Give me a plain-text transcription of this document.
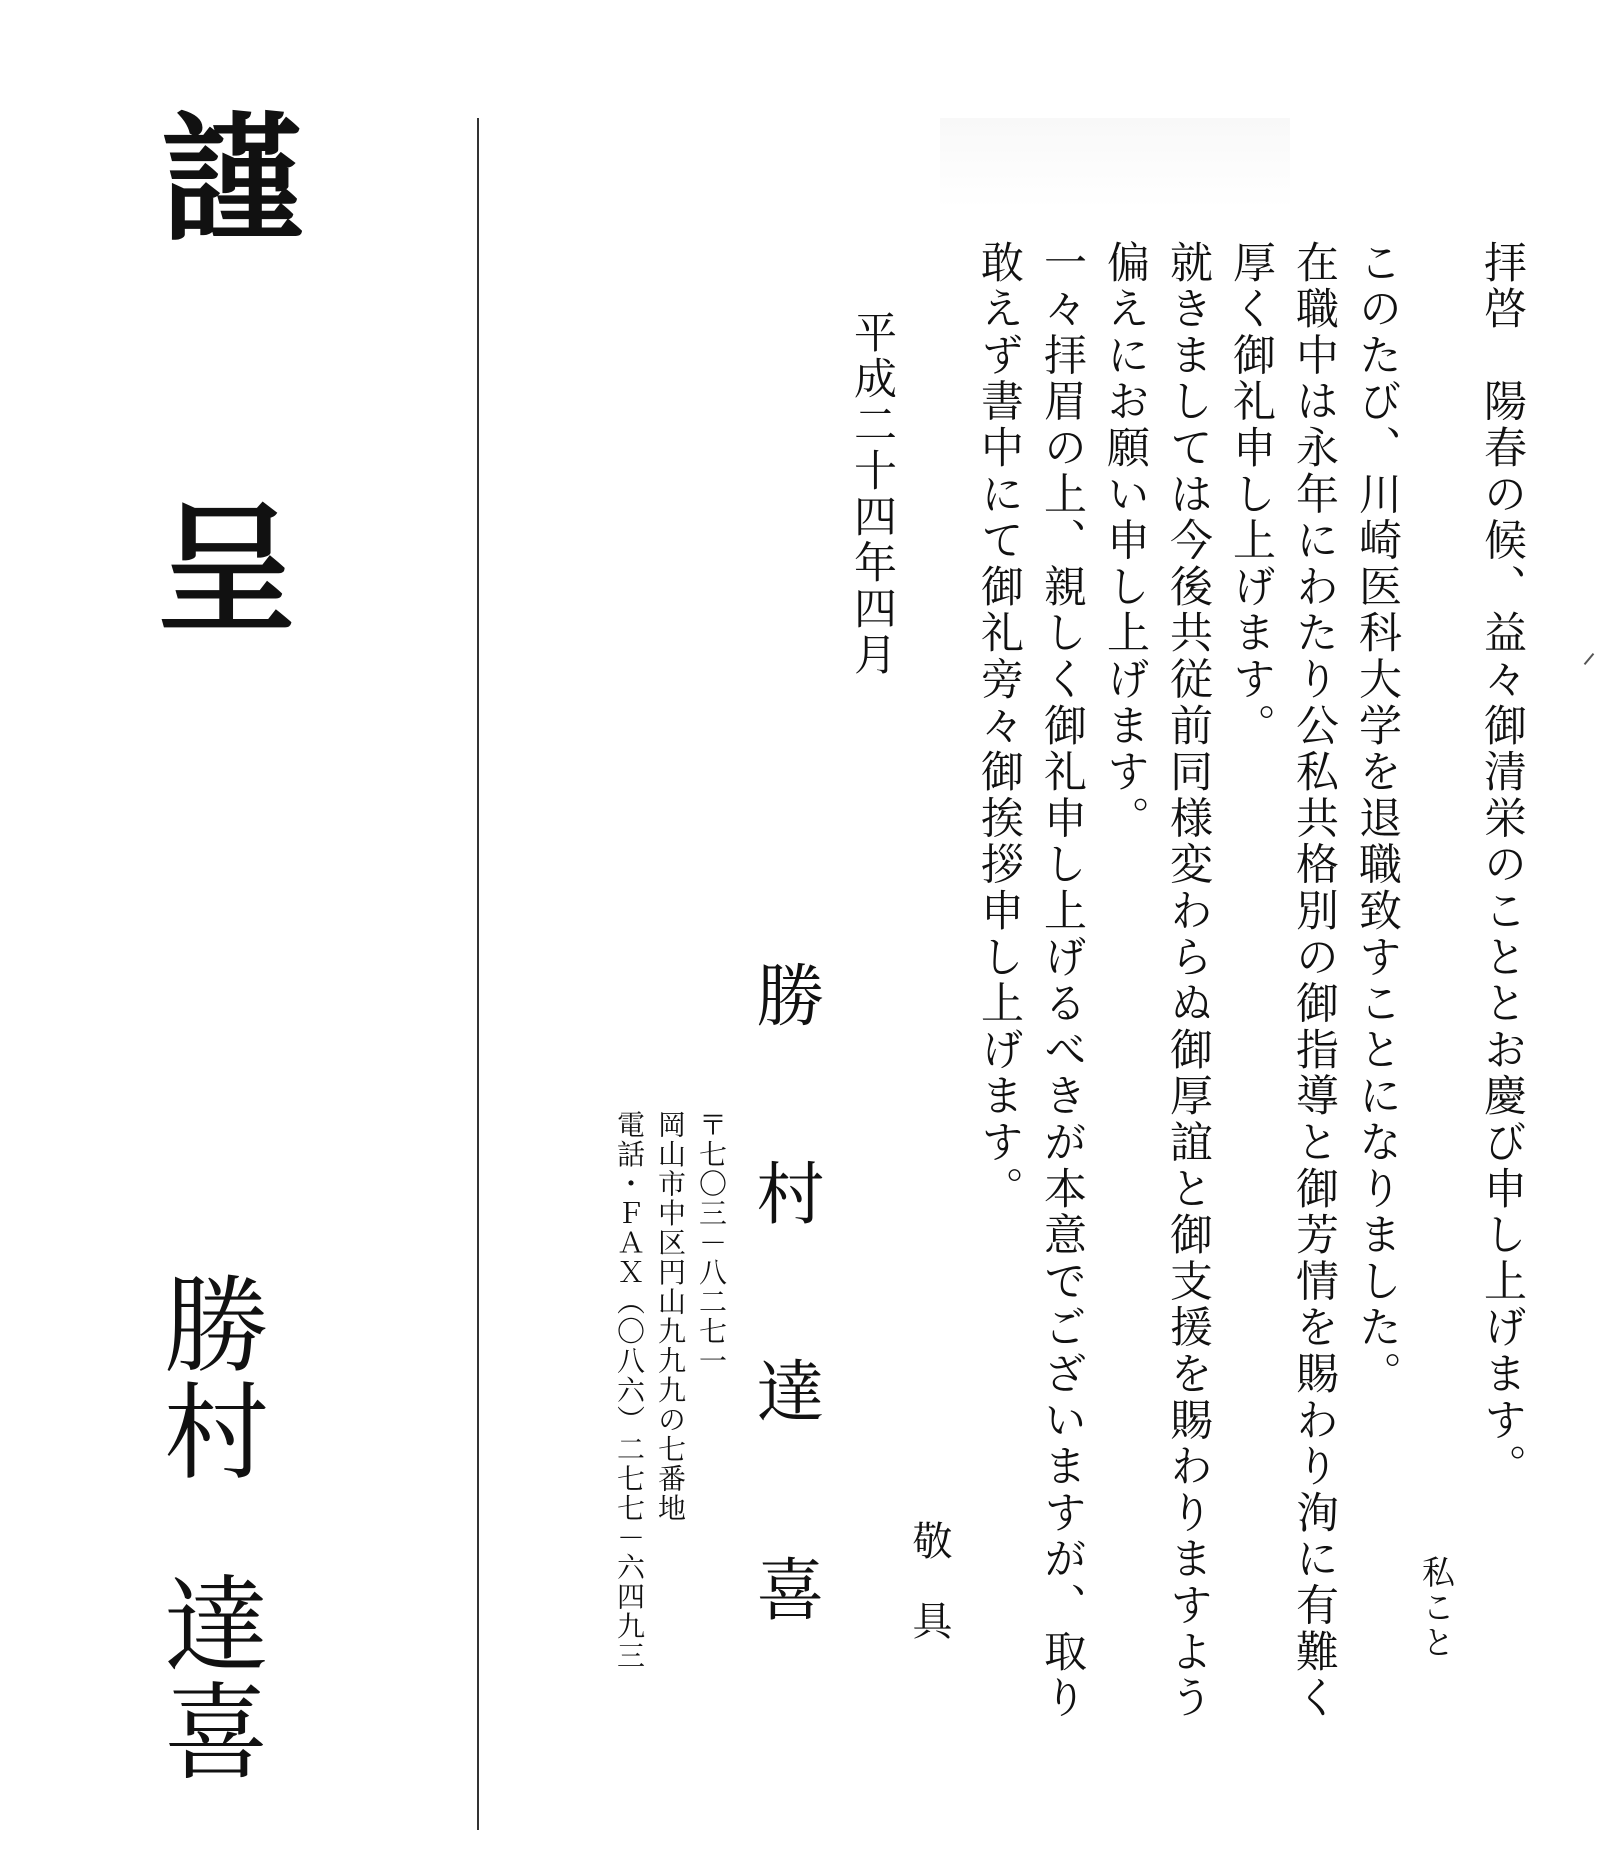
謹
呈
勝村
達喜
拝啓　陽春の候、益々御清栄のこととお慶び申し上げます。
私こと
このたび、川崎医科大学を退職致すことになりました。
在職中は永年にわたり公私共格別の御指導と御芳情を賜わり洵に有難く
厚く御礼申し上げます。
就きましては今後共従前同様変わらぬ御厚誼と御支援を賜わりますよう
偏えにお願い申し上げます。
一々拝眉の上、親しく御礼申し上げるべきが本意でございますが、取り
敢えず書中にて御礼旁々御挨拶申し上げます。
敬具
平成二十四年四月
勝村達喜
〒七〇三－八二七一
岡山市中区円山九九九の七番地
電話・ＦＡＸ（〇八六）二七七－六四九三
